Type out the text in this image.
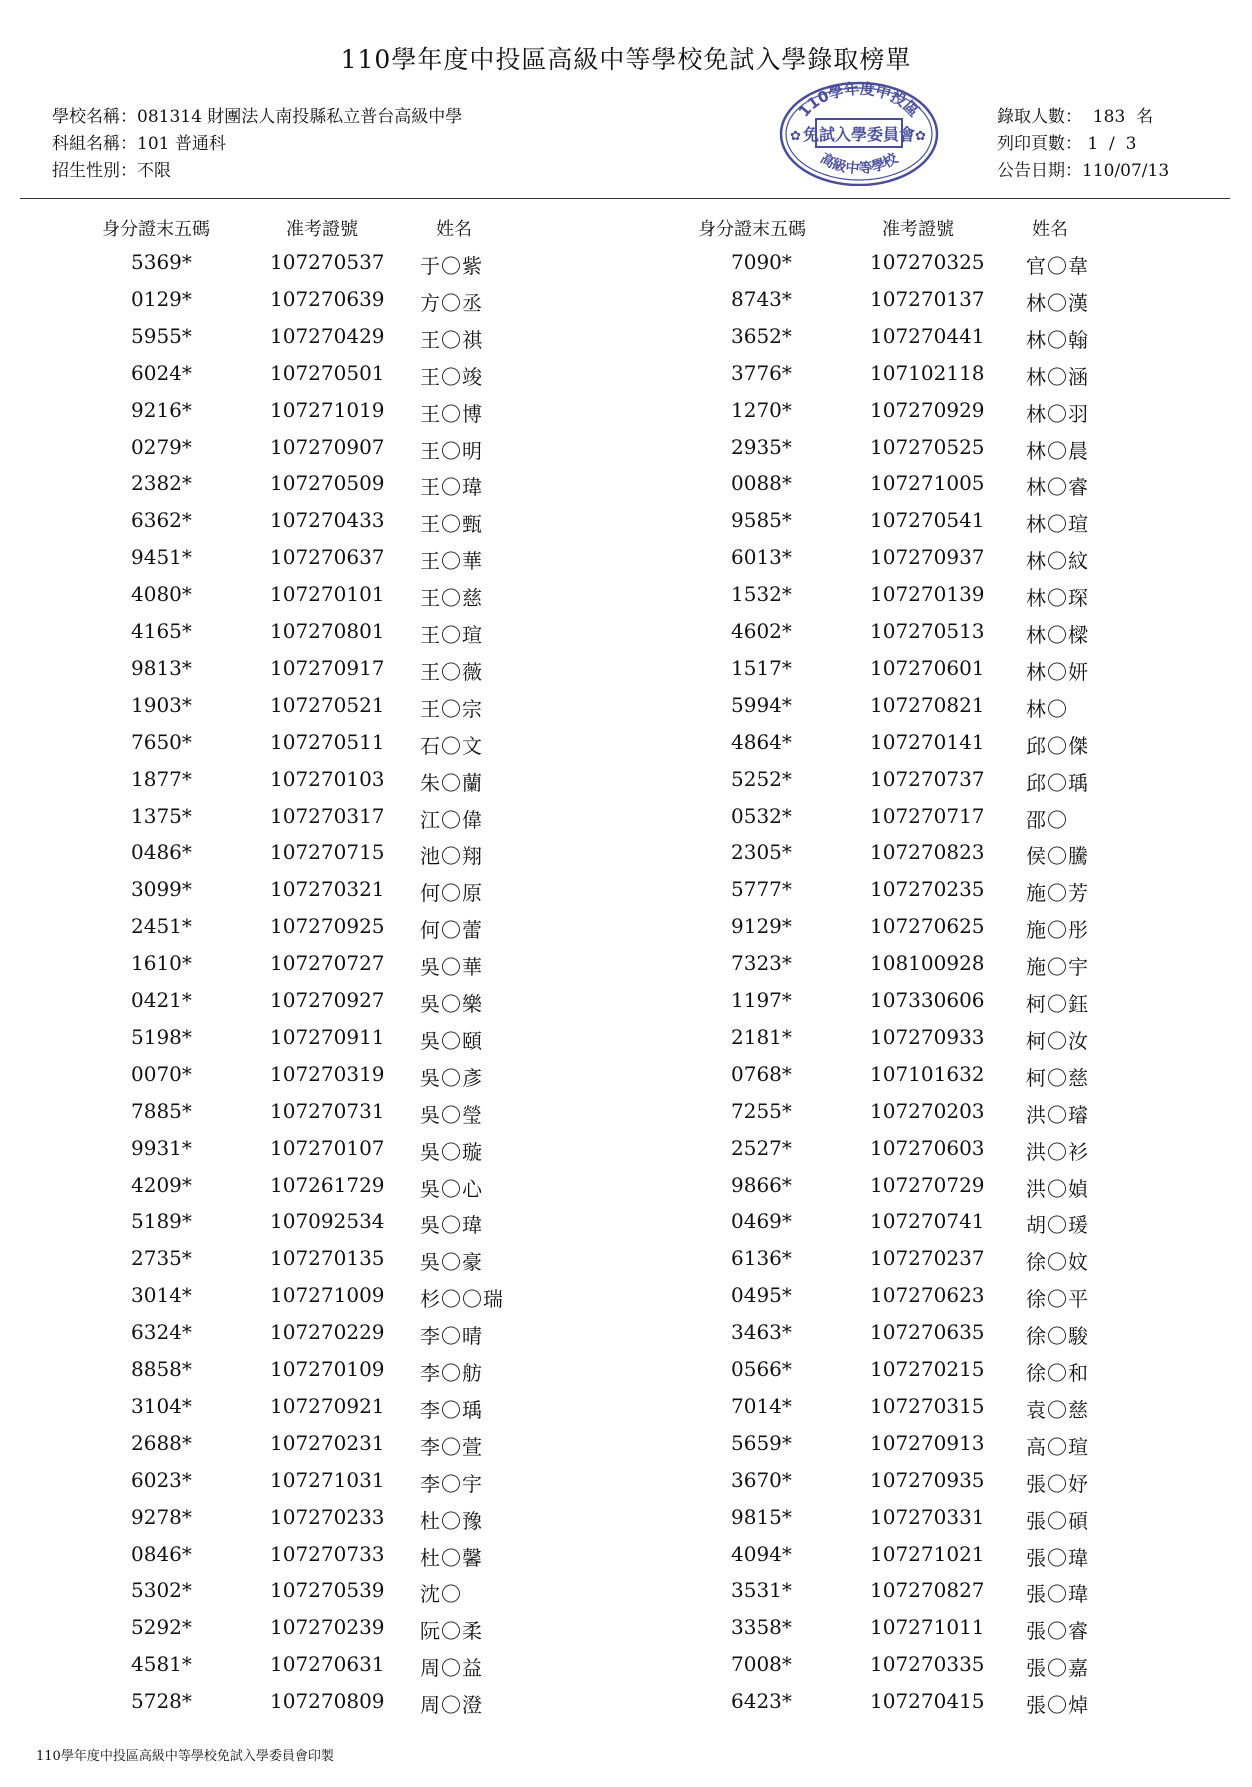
110學年度中投區高級中等學校免試入學錄取榜單
學校名稱：081314 財團法人南投縣私立普台高級中學
科組名稱：101 普通科
招生性別：不限
✿	✿
110學年度中投區
免試入學委員會
高級中等學校
錄取人數：  183  名
列印頁數： 1  /  3
公告日期：110/07/13
身分證末五碼	准考證號	姓名	身分證末五碼	准考證號	姓名
5369*	107270537 于〇紫
0129*	107270639 方〇丞
5955*	107270429 王〇祺
6024*	107270501 王〇竣
9216*	107271019 王〇博
0279*	107270907 王〇明
2382*	107270509 王〇瑋
6362*	107270433 王〇甄
9451*	107270637 王〇華
4080*	107270101 王〇慈
4165*	107270801 王〇瑄
9813*	107270917 王〇薇
1903*	107270521 王〇宗
7650*	107270511 石〇文
1877*	107270103 朱〇蘭
1375*	107270317 江〇偉
0486*	107270715 池〇翔
3099*	107270321 何〇原
2451*	107270925 何〇蕾
1610*	107270727 吳〇華
0421*	107270927 吳〇樂
5198*	107270911 吳〇頤
0070*	107270319 吳〇彥
7885*	107270731 吳〇瑩
9931*	107270107 吳〇璇
4209*	107261729 吳〇心
5189*	107092534 吳〇瑋
2735*	107270135 吳〇豪
3014*	107271009 杉〇〇瑞
6324*	107270229 李〇晴
8858*	107270109 李〇舫
3104*	107270921 李〇瑀
2688*	107270231 李〇萱
6023*	107271031 李〇宇
9278*	107270233 杜〇豫
0846*	107270733 杜〇馨
5302*	107270539 沈〇
5292*	107270239 阮〇柔
4581*	107270631 周〇益
5728*	107270809 周〇澄
7090*	107270325 官〇韋
8743*	107270137 林〇漢
3652*	107270441 林〇翰
3776*	107102118 林〇涵
1270*	107270929 林〇羽
2935*	107270525 林〇晨
0088*	107271005 林〇睿
9585*	107270541 林〇瑄
6013*	107270937 林〇紋
1532*	107270139 林〇琛
4602*	107270513 林〇樑
1517*	107270601 林〇妍
5994*	107270821 林〇
4864*	107270141 邱〇傑
5252*	107270737 邱〇瑀
0532*	107270717 邵〇
2305*	107270823 侯〇騰
5777*	107270235 施〇芳
9129*	107270625 施〇彤
7323*	108100928 施〇宇
1197*	107330606 柯〇鈺
2181*	107270933 柯〇汝
0768*	107101632 柯〇慈
7255*	107270203 洪〇璿
2527*	107270603 洪〇衫
9866*	107270729 洪〇媜
0469*	107270741 胡〇瑗
6136*	107270237 徐〇妏
0495*	107270623 徐〇平
3463*	107270635 徐〇駿
0566*	107270215 徐〇和
7014*	107270315 袁〇慈
5659*	107270913 高〇瑄
3670*	107270935 張〇妤
9815*	107270331 張〇碩
4094*	107271021 張〇瑋
3531*	107270827 張〇瑋
3358*	107271011 張〇睿
7008*	107270335 張〇嘉
6423*	107270415 張〇焯
110學年度中投區高級中等學校免試入學委員會印製
